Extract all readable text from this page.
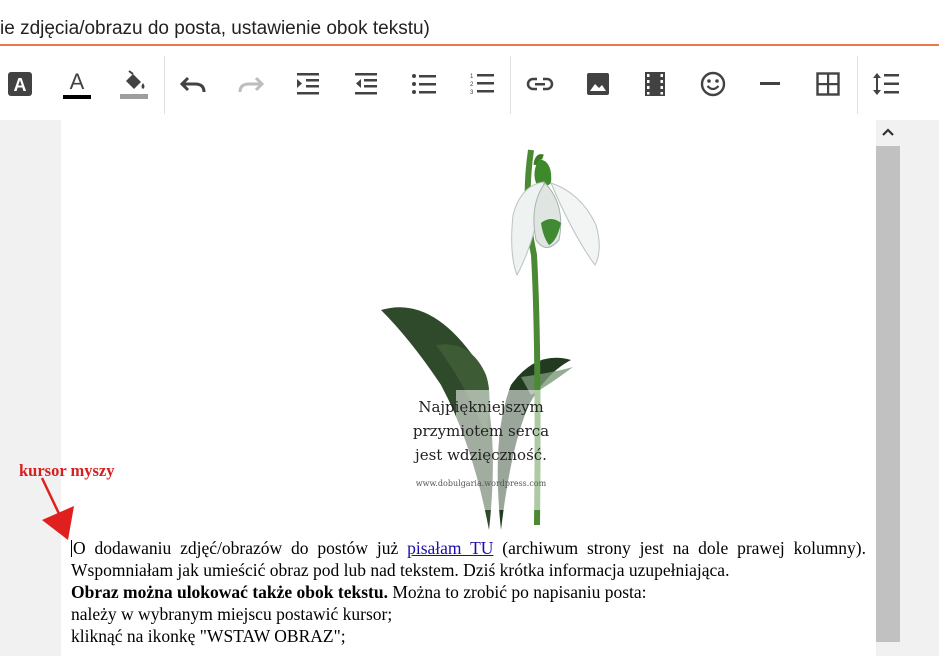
ie zdjęcia/obrazu do posta, ustawienie obok tekstu)
A A	1
2
3
Najpiękniejszym
przymiotem serca
jest wdzięczność.
www.dobulgaria.wordpress.com

O dodawaniu zdjęć/obrazów do postów już pisałam TU (archiwum strony jest na dole prawej kolumny). Wspomniałam jak umieścić obraz pod lub nad tekstem. Dziś krótka informacja uzupełniająca.

Obraz można ulokować także obok tekstu. Można to zrobić po napisaniu posta:

należy w wybranym miejscu postawić kursor;

kliknąć na ikonkę "WSTAW OBRAZ";

kursor myszy
